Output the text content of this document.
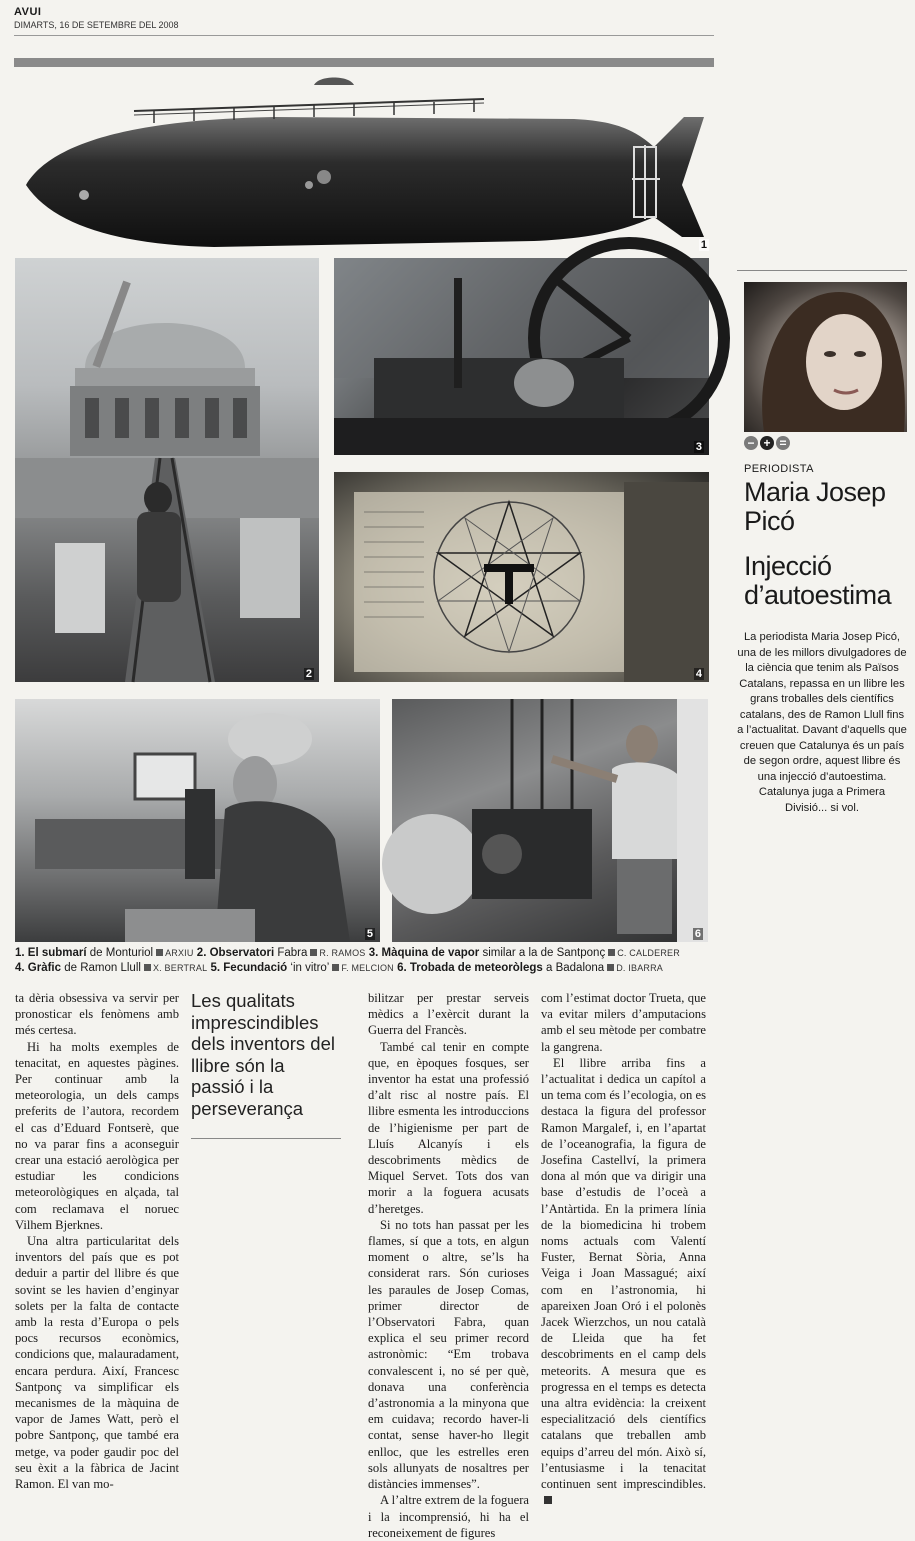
AVUI
DIMARTS, 16 DE SETEMBRE DEL 2008
1
2
3
4
5	6
1. El submarí de Monturiol ARXIU 2. Observatori Fabra R. RAMOS 3. Màquina de vapor similar a la de Santponç C. CALDERER
4. Gràfic de Ramon Llull X. BERTRAL 5. Fecundació ‘in vitro’ F. MELCION 6. Trobada de meteoròlegs a Badalona D. IBARRA
− + =
PERIODISTA
Maria Josep Picó
Injecció d’autoestima
La periodista Maria Josep Picó, una de les millors divulgadores de la ciència que tenim als Països Catalans, repassa en un llibre les grans troballes dels científics catalans, des de Ramon Llull fins a l’actualitat. Davant d’aquells que creuen que Catalunya és un país de segon ordre, aquest llibre és una injecció d’autoestima. Catalunya juga a Primera Divisió... si vol.

ta dèria obsessiva va servir per pronosticar els fenòmens amb més certesa.

Hi ha molts exemples de tenacitat, en aquestes pàgines. Per continuar amb la meteorologia, un dels camps preferits de l’autora, recordem el cas d’Eduard Fontserè, que no va parar fins a aconseguir crear una estació aerològica per estudiar les condicions meteorològiques en alçada, tal com reclamava el noruec Vilhem Bjerknes.

Una altra particularitat dels inventors del país que es pot deduir a partir del llibre és que sovint se les havien d’enginyar solets per la falta de contacte amb la resta d’Europa o pels pocs recursos econòmics, condicions que, malauradament, encara perdura. Així, Francesc Santponç va simplificar els mecanismes de la màquina de vapor de James Watt, però el pobre Santponç, que també era metge, va poder gaudir poc del seu èxit a la fàbrica de Jacint Ramon. El van mo-

Les qualitats imprescindibles dels inventors del llibre són la passió i la perseverança

bilitzar per prestar serveis mèdics a l’exèrcit durant la Guerra del Francès.

També cal tenir en compte que, en èpoques fosques, ser inventor ha estat una professió d’alt risc al nostre país. El llibre esmenta les introduccions de l’higienisme per part de Lluís Alcanyís i els descobriments mèdics de Miquel Servet. Tots dos van morir a la foguera acusats d’heretges.

Si no tots han passat per les flames, sí que a tots, en algun moment o altre, se’ls ha considerat rars. Són curioses les paraules de Josep Comas, primer director de l’Observatori Fabra, quan explica el seu primer record astronòmic: “Em trobava convalescent i, no sé per què, donava una conferència d’astronomia a la minyona que em cuidava; recordo haver-li contat, sense haver-ho llegit enlloc, que les estrelles eren sols allunyats de nosaltres per distàncies immenses”.

A l’altre extrem de la foguera i la incomprensió, hi ha el reconeixement de figures

com l’estimat doctor Trueta, que va evitar milers d’amputacions amb el seu mètode per combatre la gangrena.

El llibre arriba fins a l’actualitat i dedica un capítol a un tema com és l’ecologia, on es destaca la figura del professor Ramon Margalef, i, en l’apartat de l’oceanografia, la figura de Josefina Castellví, la primera dona al món que va dirigir una base d’estudis de l’oceà a l’Antàrtida. En la primera línia de la biomedicina hi trobem noms actuals com Valentí Fuster, Bernat Sòria, Anna Veiga i Joan Massagué; així com en l’astronomia, hi apareixen Joan Oró i el polonès Jacek Wierzchos, un nou català de Lleida que ha fet descobriments en el camp dels meteorits. A mesura que es progressa en el temps es detecta una altra evidència: la creixent especialització dels científics catalans que treballen amb equips d’arreu del món. Això sí, l’entusiasme i la tenacitat continuen sent imprescindibles.
